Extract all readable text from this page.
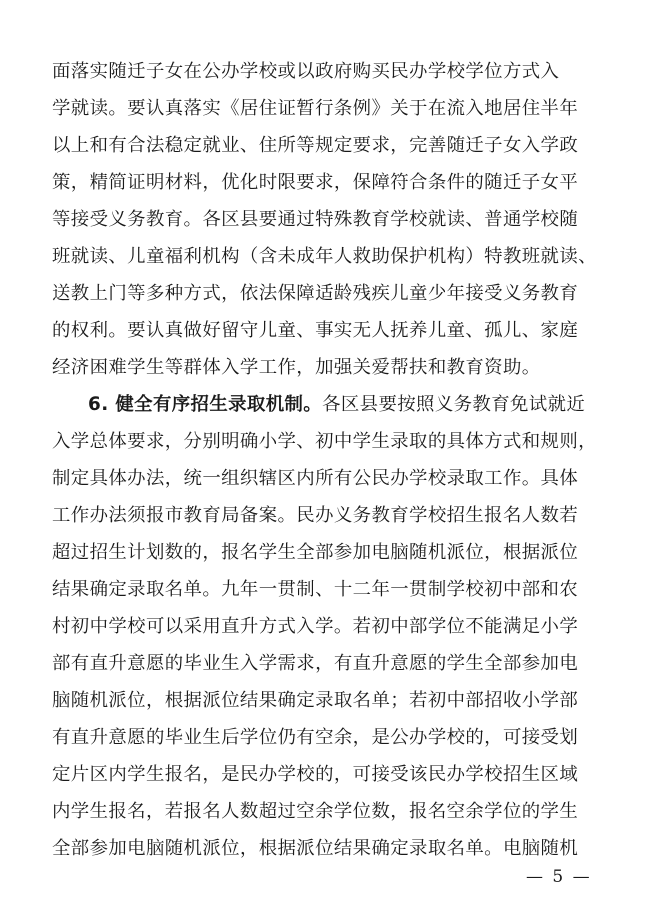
面落实随迁子女在公办学校或以政府购买民办学校学位方式入
学就读。要认真落实《居住证暂行条例》关于在流入地居住半年
以上和有合法稳定就业、住所等规定要求，完善随迁子女入学政
策，精简证明材料，优化时限要求，保障符合条件的随迁子女平
等接受义务教育。各区县要通过特殊教育学校就读、普通学校随
班就读、儿童福利机构（含未成年人救助保护机构）特教班就读、
送教上门等多种方式，依法保障适龄残疾儿童少年接受义务教育
的权利。要认真做好留守儿童、事实无人抚养儿童、孤儿、家庭
经济困难学生等群体入学工作，加强关爱帮扶和教育资助。
6. 健全有序招生录取机制。各区县要按照义务教育免试就近
入学总体要求，分别明确小学、初中学生录取的具体方式和规则，
制定具体办法，统一组织辖区内所有公民办学校录取工作。具体
工作办法须报市教育局备案。民办义务教育学校招生报名人数若
超过招生计划数的，报名学生全部参加电脑随机派位，根据派位
结果确定录取名单。九年一贯制、十二年一贯制学校初中部和农
村初中学校可以采用直升方式入学。若初中部学位不能满足小学
部有直升意愿的毕业生入学需求，有直升意愿的学生全部参加电
脑随机派位，根据派位结果确定录取名单；若初中部招收小学部
有直升意愿的毕业生后学位仍有空余，是公办学校的，可接受划
定片区内学生报名，是民办学校的，可接受该民办学校招生区域
内学生报名，若报名人数超过空余学位数，报名空余学位的学生
全部参加电脑随机派位，根据派位结果确定录取名单。电脑随机
— 5 —
